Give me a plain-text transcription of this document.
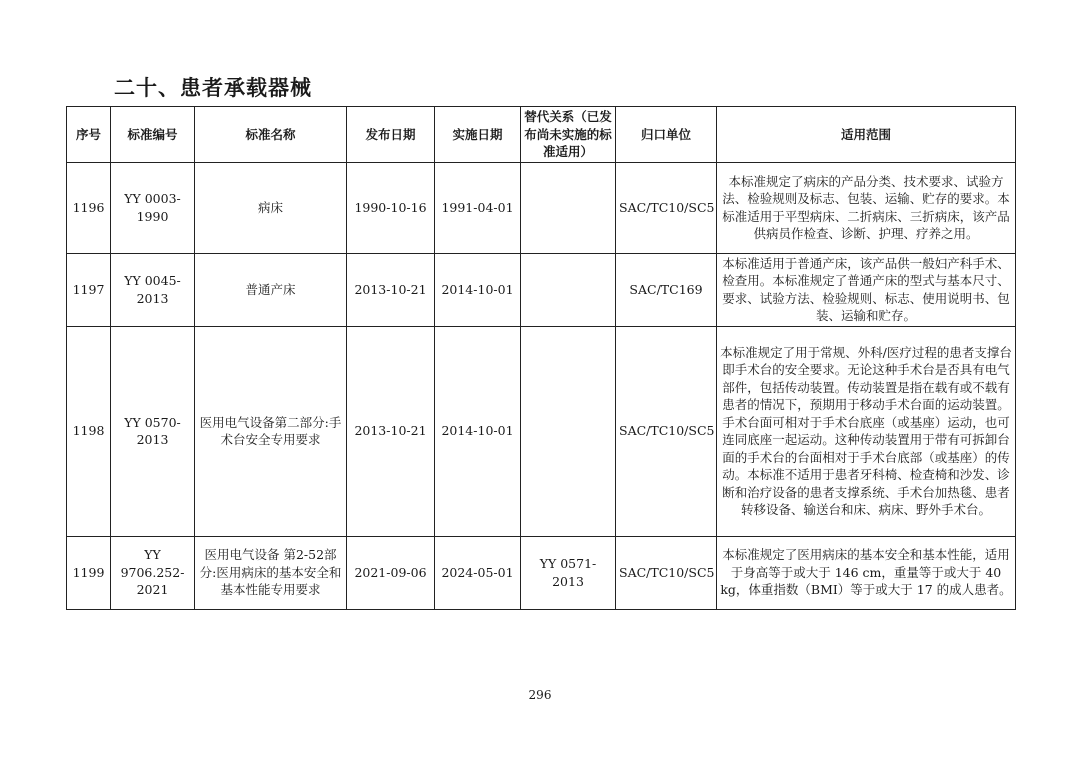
二十、患者承载器械
序号	标准编号	标准名称	发布日期	实施日期	替代关系（已发布尚未实施的标准适用）	归口单位	适用范围
1196	YY 0003-1990	病床	1990-10-16	1991-04-01		SAC/TC10/SC5	本标准规定了病床的产品分类、技术要求、试验方法、检验规则及标志、包装、运输、贮存的要求。本标准适用于平型病床、二折病床、三折病床，该产品供病员作检查、诊断、护理、疗养之用。
1197	YY 0045-2013	普通产床	2013-10-21	2014-10-01		SAC/TC169	本标准适用于普通产床，该产品供一般妇产科手术、检查用。本标准规定了普通产床的型式与基本尺寸、要求、试验方法、检验规则、标志、使用说明书、包装、运输和贮存。
1198	YY 0570-2013	医用电气设备第二部分:手术台安全专用要求	2013-10-21	2014-10-01		SAC/TC10/SC5	本标准规定了用于常规、外科/医疗过程的患者支撑台即手术台的安全要求。无论这种手术台是否具有电气部件，包括传动装置。传动装置是指在载有或不载有患者的情况下，预期用于移动手术台面的运动装置。手术台面可相对于手术台底座（或基座）运动，也可连同底座一起运动。这种传动装置用于带有可拆卸台面的手术台的台面相对于手术台底部（或基座）的传动。本标准不适用于患者牙科椅、检查椅和沙发、诊断和治疗设备的患者支撑系统、手术台加热毯、患者转移设备、输送台和床、病床、野外手术台。
1199	YY 9706.252-2021	医用电气设备 第2-52部分:医用病床的基本安全和基本性能专用要求	2021-09-06	2024-05-01	YY 0571-2013	SAC/TC10/SC5	本标准规定了医用病床的基本安全和基本性能，适用于身高等于或大于 146 cm，重量等于或大于 40 kg，体重指数（BMI）等于或大于 17 的成人患者。
296
